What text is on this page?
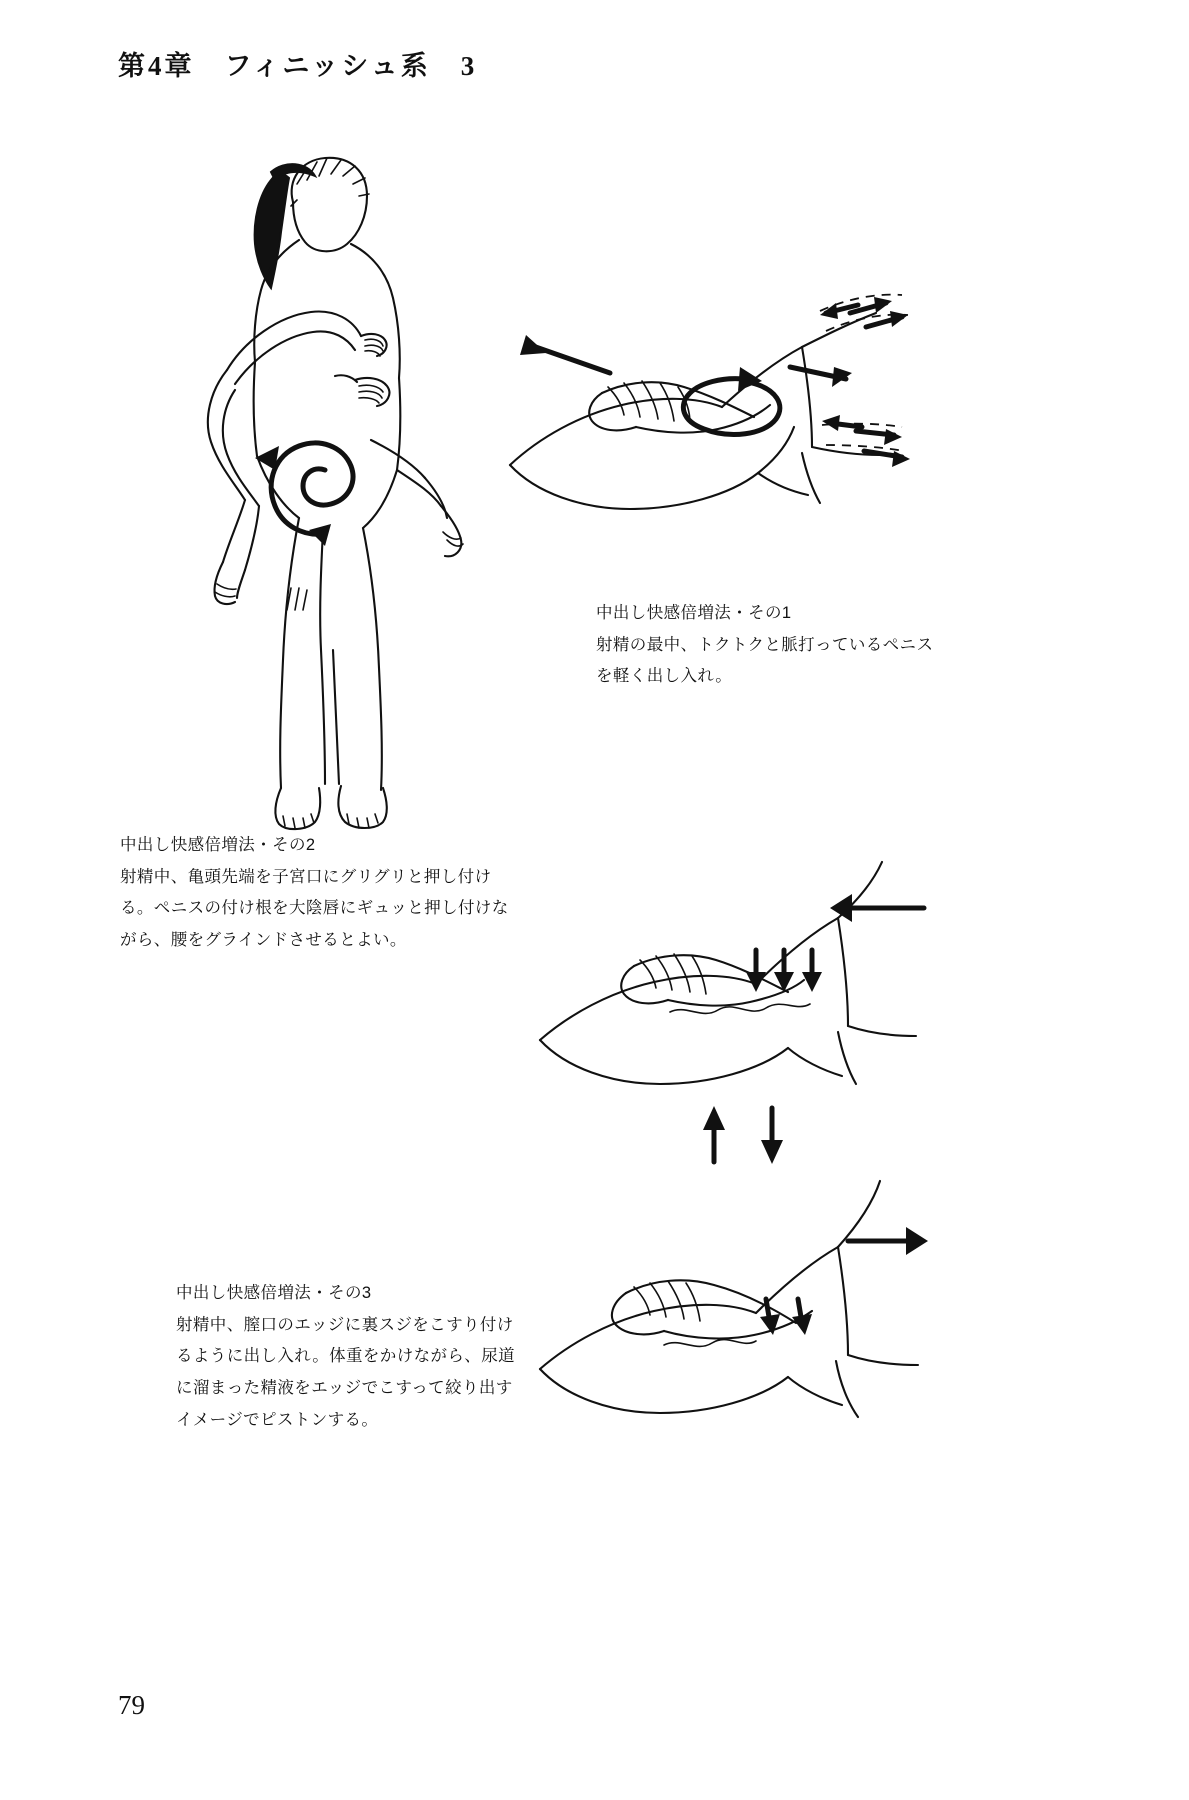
第4章　フィニッシュ系　3
中出し快感倍増法・その1
射精の最中、トクトクと脈打っているペニスを軽く出し入れ。
中出し快感倍増法・その2
射精中、亀頭先端を子宮口にグリグリと押し付ける。ペニスの付け根を大陰唇にギュッと押し付けながら、腰をグラインドさせるとよい。
中出し快感倍増法・その3
射精中、膣口のエッジに裏スジをこすり付けるように出し入れ。体重をかけながら、尿道に溜まった精液をエッジでこすって絞り出すイメージでピストンする。
79
